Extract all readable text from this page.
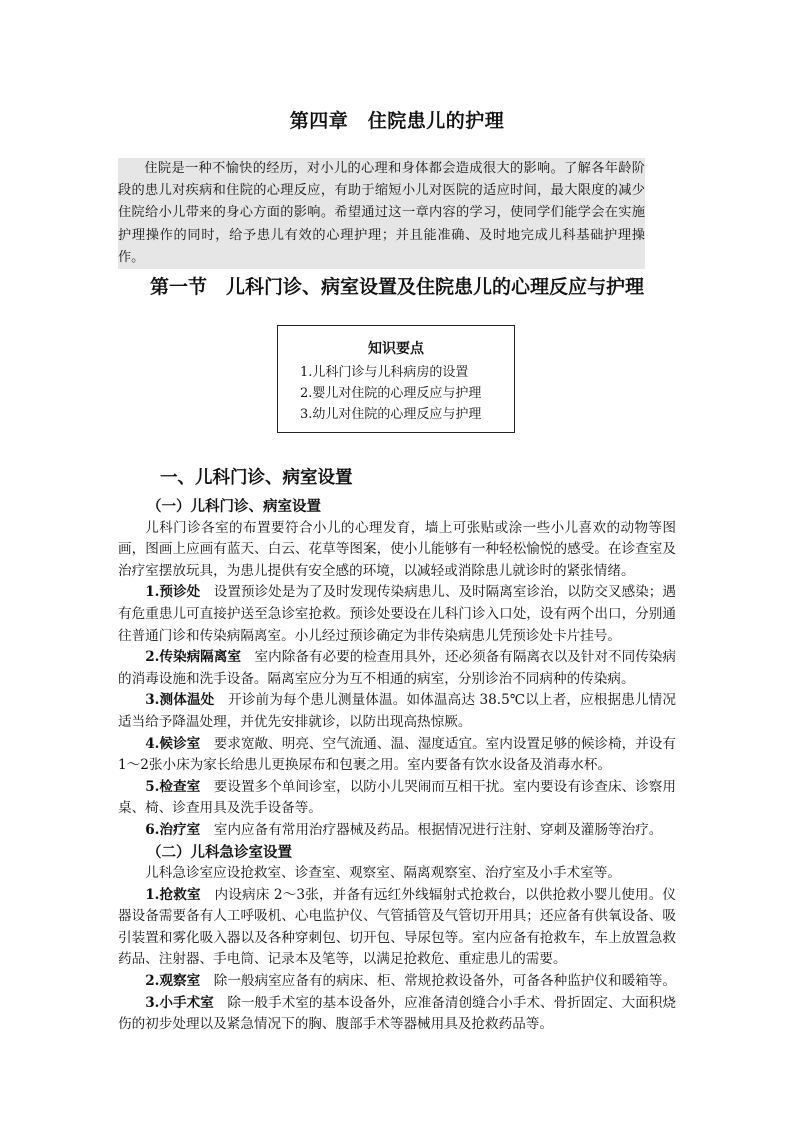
第四章　住院患儿的护理

住院是一种不愉快的经历，对小儿的心理和身体都会造成很大的影响。了解各年龄阶段的患儿对疾病和住院的心理反应，有助于缩短小儿对医院的适应时间，最大限度的减少住院给小儿带来的身心方面的影响。希望通过这一章内容的学习，使同学们能学会在实施护理操作的同时，给予患儿有效的心理护理；并且能准确、及时地完成儿科基础护理操作。

第一节　儿科门诊、病室设置及住院患儿的心理反应与护理
知识要点
1.儿科门诊与儿科病房的设置
2.婴儿对住院的心理反应与护理
3.幼儿对住院的心理反应与护理
一、儿科门诊、病室设置
（一）儿科门诊、病室设置

儿科门诊各室的布置要符合小儿的心理发育，墙上可张贴或涂一些小儿喜欢的动物等图画，图画上应画有蓝天、白云、花草等图案，使小儿能够有一种轻松愉悦的感受。在诊查室及治疗室摆放玩具，为患儿提供有安全感的环境，以减轻或消除患儿就诊时的紧张情绪。

1.预诊处　设置预诊处是为了及时发现传染病患儿、及时隔离室诊治，以防交叉感染；遇有危重患儿可直接护送至急诊室抢救。预诊处要设在儿科门诊入口处，设有两个出口，分别通往普通门诊和传染病隔离室。小儿经过预诊确定为非传染病患儿凭预诊处卡片挂号。

2.传染病隔离室　室内除备有必要的检查用具外，还必须备有隔离衣以及针对不同传染病的消毒设施和洗手设备。隔离室应分为互不相通的病室，分别诊治不同病种的传染病。

3.测体温处　开诊前为每个患儿测量体温。如体温高达 38.5℃以上者，应根据患儿情况适当给予降温处理，并优先安排就诊，以防出现高热惊厥。

4.候诊室　要求宽敞、明亮、空气流通、温、湿度适宜。室内设置足够的候诊椅，并设有 1～2张小床为家长给患儿更换尿布和包裹之用。室内要备有饮水设备及消毒水杯。

5.检查室　要设置多个单间诊室，以防小儿哭闹而互相干扰。室内要设有诊查床、诊察用桌、椅、诊查用具及洗手设备等。

6.治疗室　室内应备有常用治疗器械及药品。根据情况进行注射、穿刺及灌肠等治疗。

（二）儿科急诊室设置

儿科急诊室应设抢救室、诊查室、观察室、隔离观察室、治疗室及小手术室等。

1.抢救室　内设病床 2～3张，并备有远红外线辐射式抢救台，以供抢救小婴儿使用。仪器设备需要备有人工呼吸机、心电监护仪、气管插管及气管切开用具；还应备有供氧设备、吸引装置和雾化吸入器以及各种穿刺包、切开包、导尿包等。室内应备有抢救车，车上放置急救药品、注射器、手电筒、记录本及笔等，以满足抢救危、重症患儿的需要。

2.观察室　除一般病室应备有的病床、柜、常规抢救设备外，可备各种监护仪和暖箱等。

3.小手术室　除一般手术室的基本设备外，应准备清创缝合小手术、骨折固定、大面积烧伤的初步处理以及紧急情况下的胸、腹部手术等器械用具及抢救药品等。
